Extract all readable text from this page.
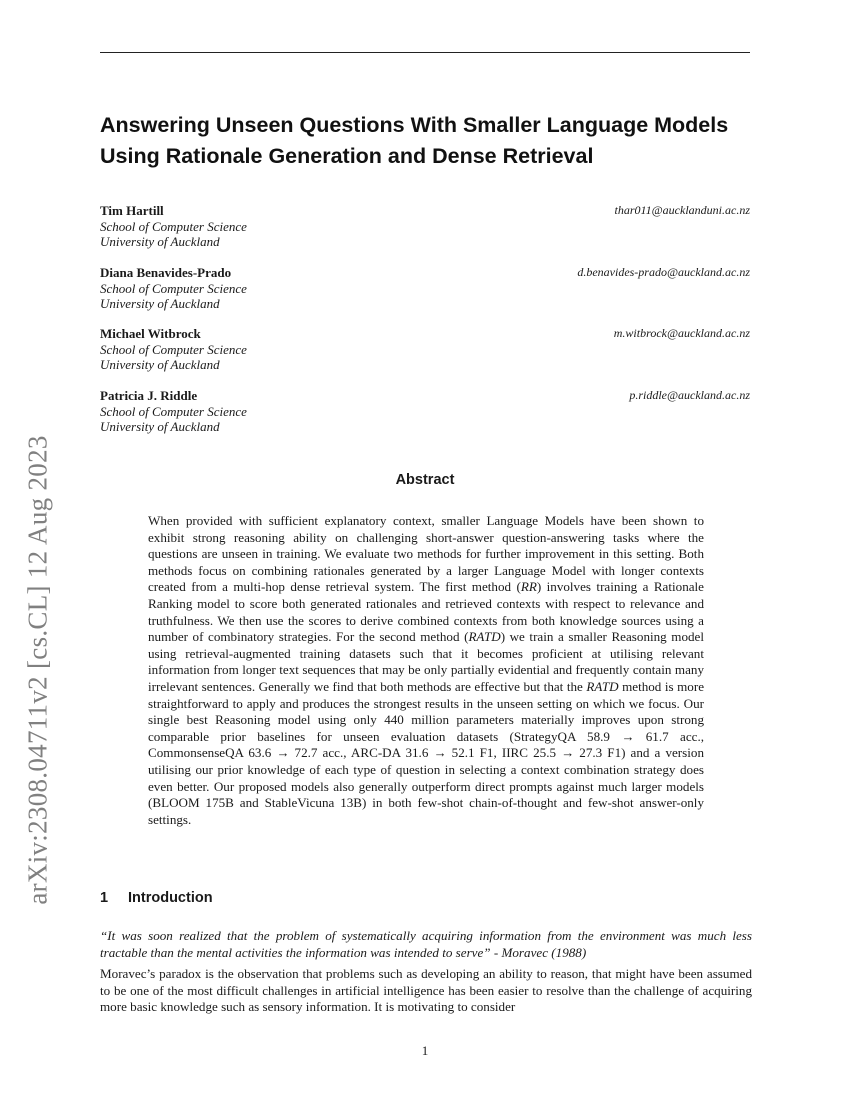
arXiv:2308.04711v2 [cs.CL] 12 Aug 2023
Answering Unseen Questions With Smaller Language Models Using Rationale Generation and Dense Retrieval
Tim Hartill
School of Computer Science
University of Auckland
thar011@aucklanduni.ac.nz
Diana Benavides-Prado
School of Computer Science
University of Auckland
d.benavides-prado@auckland.ac.nz
Michael Witbrock
School of Computer Science
University of Auckland
m.witbrock@auckland.ac.nz
Patricia J. Riddle
School of Computer Science
University of Auckland
p.riddle@auckland.ac.nz
Abstract

When provided with sufficient explanatory context, smaller Language Models have been shown to exhibit strong reasoning ability on challenging short-answer question-answering tasks where the questions are unseen in training. We evaluate two methods for further improvement in this setting. Both methods focus on combining rationales generated by a larger Language Model with longer contexts created from a multi-hop dense retrieval system. The first method (RR) involves training a Rationale Ranking model to score both generated rationales and retrieved contexts with respect to relevance and truthfulness. We then use the scores to derive combined contexts from both knowledge sources using a number of combinatory strategies. For the second method (RATD) we train a smaller Reasoning model using retrieval-augmented training datasets such that it becomes proficient at utilising relevant information from longer text sequences that may be only partially evidential and frequently contain many irrelevant sentences. Generally we find that both methods are effective but that the RATD method is more straightforward to apply and produces the strongest results in the unseen setting on which we focus. Our single best Reasoning model using only 440 million parameters materially improves upon strong comparable prior baselines for unseen evaluation datasets (StrategyQA 58.9 → 61.7 acc., CommonsenseQA 63.6 → 72.7 acc., ARC-DA 31.6 → 52.1 F1, IIRC 25.5 → 27.3 F1) and a version utilising our prior knowledge of each type of question in selecting a context combination strategy does even better. Our proposed models also generally outperform direct prompts against much larger models (BLOOM 175B and StableVicuna 13B) in both few-shot chain-of-thought and few-shot answer-only settings.

1 Introduction

“It was soon realized that the problem of systematically acquiring information from the environment was much less tractable than the mental activities the information was intended to serve” - Moravec (1988)

Moravec’s paradox is the observation that problems such as developing an ability to reason, that might have been assumed to be one of the most difficult challenges in artificial intelligence has been easier to resolve than the challenge of acquiring more basic knowledge such as sensory information. It is motivating to consider

1
